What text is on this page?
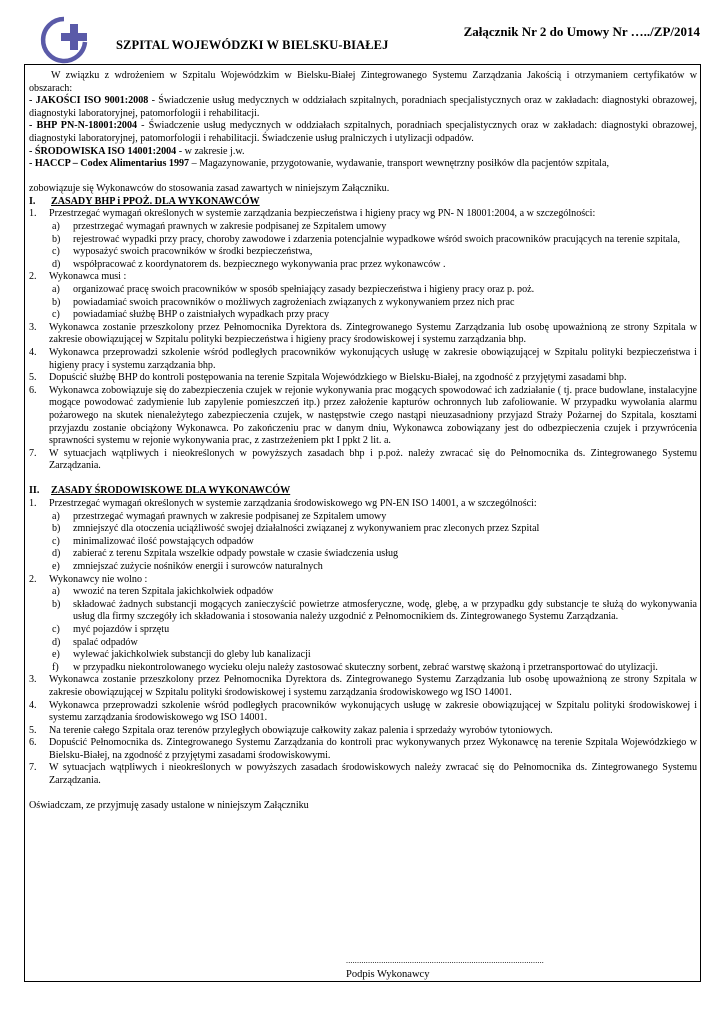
Załącznik Nr 2 do Umowy Nr …../ZP/2014
SZPITAL WOJEWÓDZKI W BIELSKU-BIAŁEJ

W związku z wdrożeniem w Szpitalu Wojewódzkim w Bielsku-Białej Zintegrowanego Systemu Zarządzania Jakością i otrzymaniem certyfikatów w obszarach:

- JAKOŚCI ISO 9001:2008 - Świadczenie usług medycznych w oddziałach szpitalnych, poradniach specjalistycznych oraz w zakładach: diagnostyki obrazowej, diagnostyki laboratoryjnej, patomorfologii i rehabilitacji.

- BHP PN-N-18001:2004 - Świadczenie usług medycznych w oddziałach szpitalnych, poradniach specjalistycznych oraz w zakładach: diagnostyki obrazowej, diagnostyki laboratoryjnej, patomorfologii i rehabilitacji. Świadczenie usług pralniczych i utylizacji odpadów.

- ŚRODOWISKA ISO 14001:2004 - w zakresie j.w.

- HACCP – Codex Alimentarius 1997 – Magazynowanie, przygotowanie, wydawanie, transport wewnętrzny posiłków dla pacjentów szpitala,

zobowiązuje się Wykonawców do stosowania zasad zawartych w niniejszym Załączniku.

I. ZASADY BHP i PPOŻ. DLA WYKONAWCÓW

1. Przestrzegać wymagań określonych w systemie zarządzania bezpieczeństwa i higieny pracy wg PN- N 18001:2004, a w szczególności:
a) przestrzegać wymagań prawnych w zakresie podpisanej ze Szpitalem umowy
b) rejestrować wypadki przy pracy, choroby zawodowe i zdarzenia potencjalnie wypadkowe wśród swoich pracowników pracujących na terenie szpitala,
c) wyposażyć swoich pracowników w środki bezpieczeństwa,
d) współpracować z koordynatorem ds. bezpiecznego wykonywania prac przez wykonawców .
2. Wykonawca musi :
a) organizować pracę swoich pracowników w sposób spełniający zasady bezpieczeństwa i higieny pracy oraz p. poż.
b) powiadamiać swoich pracowników o możliwych zagrożeniach związanych z wykonywaniem przez nich prac
c) powiadamiać służbę BHP o zaistniałych wypadkach przy pracy
3. Wykonawca zostanie przeszkolony przez Pełnomocnika Dyrektora ds. Zintegrowanego Systemu Zarządzania lub osobę upoważnioną ze strony Szpitala w zakresie obowiązującej w Szpitalu polityki bezpieczeństwa i higieny pracy środowiskowej i systemu zarządzania bhp.
4. Wykonawca przeprowadzi szkolenie wśród podległych pracowników wykonujących usługę w zakresie obowiązującej w Szpitalu polityki bezpieczeństwa i higieny pracy i systemu zarządzania bhp.
5. Dopuścić służbę BHP do kontroli postępowania na terenie Szpitala Wojewódzkiego w Bielsku-Białej, na zgodność z przyjętymi zasadami bhp.
6. Wykonawca zobowiązuje się do zabezpieczenia czujek w rejonie wykonywania prac mogących spowodować ich zadziałanie ( tj. prace budowlane, instalacyjne mogące powodować zadymienie lub zapylenie pomieszczeń itp.) przez założenie kapturów ochronnych lub zafoliowanie. W przypadku wywołania alarmu pożarowego na skutek nienależytego zabezpieczenia czujek, w następstwie czego nastąpi nieuzasadniony przyjazd Straży Pożarnej do Szpitala, kosztami przyjazdu zostanie obciążony Wykonawca. Po zakończeniu prac w danym dniu, Wykonawca zobowiązany jest do odbezpieczenia czujek i przywrócenia sprawności systemu w rejonie wykonywania prac, z zastrzeżeniem pkt I ppkt 2 lit. a.
7. W sytuacjach wątpliwych i nieokreślonych w powyższych zasadach bhp i p.poż. należy zwracać się do Pełnomocnika ds. Zintegrowanego Systemu Zarządzania.

II. ZASADY ŚRODOWISKOWE DLA WYKONAWCÓW

1. Przestrzegać wymagań określonych w systemie zarządzania środowiskowego wg PN-EN ISO 14001, a w szczególności:
a) przestrzegać wymagań prawnych w zakresie podpisanej ze Szpitalem umowy
b) zmniejszyć dla otoczenia uciążliwość swojej działalności związanej z wykonywaniem prac zleconych przez Szpital
c) minimalizować ilość powstających odpadów
d) zabierać z terenu Szpitala wszelkie odpady powstałe w czasie świadczenia usług
e) zmniejszać zużycie nośników energii i surowców naturalnych
2. Wykonawcy nie wolno :
a) wwozić na teren Szpitala jakichkolwiek odpadów
b) składować żadnych substancji mogących zanieczyścić powietrze atmosferyczne, wodę, glebę, a w przypadku gdy substancje te służą do wykonywania usług dla firmy szczegóły ich składowania i stosowania należy uzgodnić z Pełnomocnikiem ds. Zintegrowanego Systemu Zarządzania.
c) myć pojazdów i sprzętu
d) spalać odpadów
e) wylewać jakichkolwiek substancji do gleby lub kanalizacji
f) w przypadku niekontrolowanego wycieku oleju należy zastosować skuteczny sorbent, zebrać warstwę skażoną i przetransportować do utylizacji.
3. Wykonawca zostanie przeszkolony przez Pełnomocnika Dyrektora ds. Zintegrowanego Systemu Zarządzania lub osobę upoważnioną ze strony Szpitala w zakresie obowiązującej w Szpitalu polityki środowiskowej i systemu zarządzania środowiskowego wg ISO 14001.
4. Wykonawca przeprowadzi szkolenie wśród podległych pracowników wykonujących usługę w zakresie obowiązującej w Szpitalu polityki środowiskowej i systemu zarządzania środowiskowego wg ISO 14001.
5. Na terenie całego Szpitala oraz terenów przyległych obowiązuje całkowity zakaz palenia i sprzedaży wyrobów tytoniowych.
6. Dopuścić Pełnomocnika ds. Zintegrowanego Systemu Zarządzania do kontroli prac wykonywanych przez Wykonawcę na terenie Szpitala Wojewódzkiego w Bielsku-Białej, na zgodność z przyjętymi zasadami środowiskowymi.
7. W sytuacjach wątpliwych i nieokreślonych w powyższych zasadach środowiskowych należy zwracać się do Pełnomocnika ds. Zintegrowanego Systemu Zarządzania.

Oświadczam, ze przyjmuję zasady ustalone w niniejszym Załączniku

..........................................................................................
Podpis Wykonawcy
